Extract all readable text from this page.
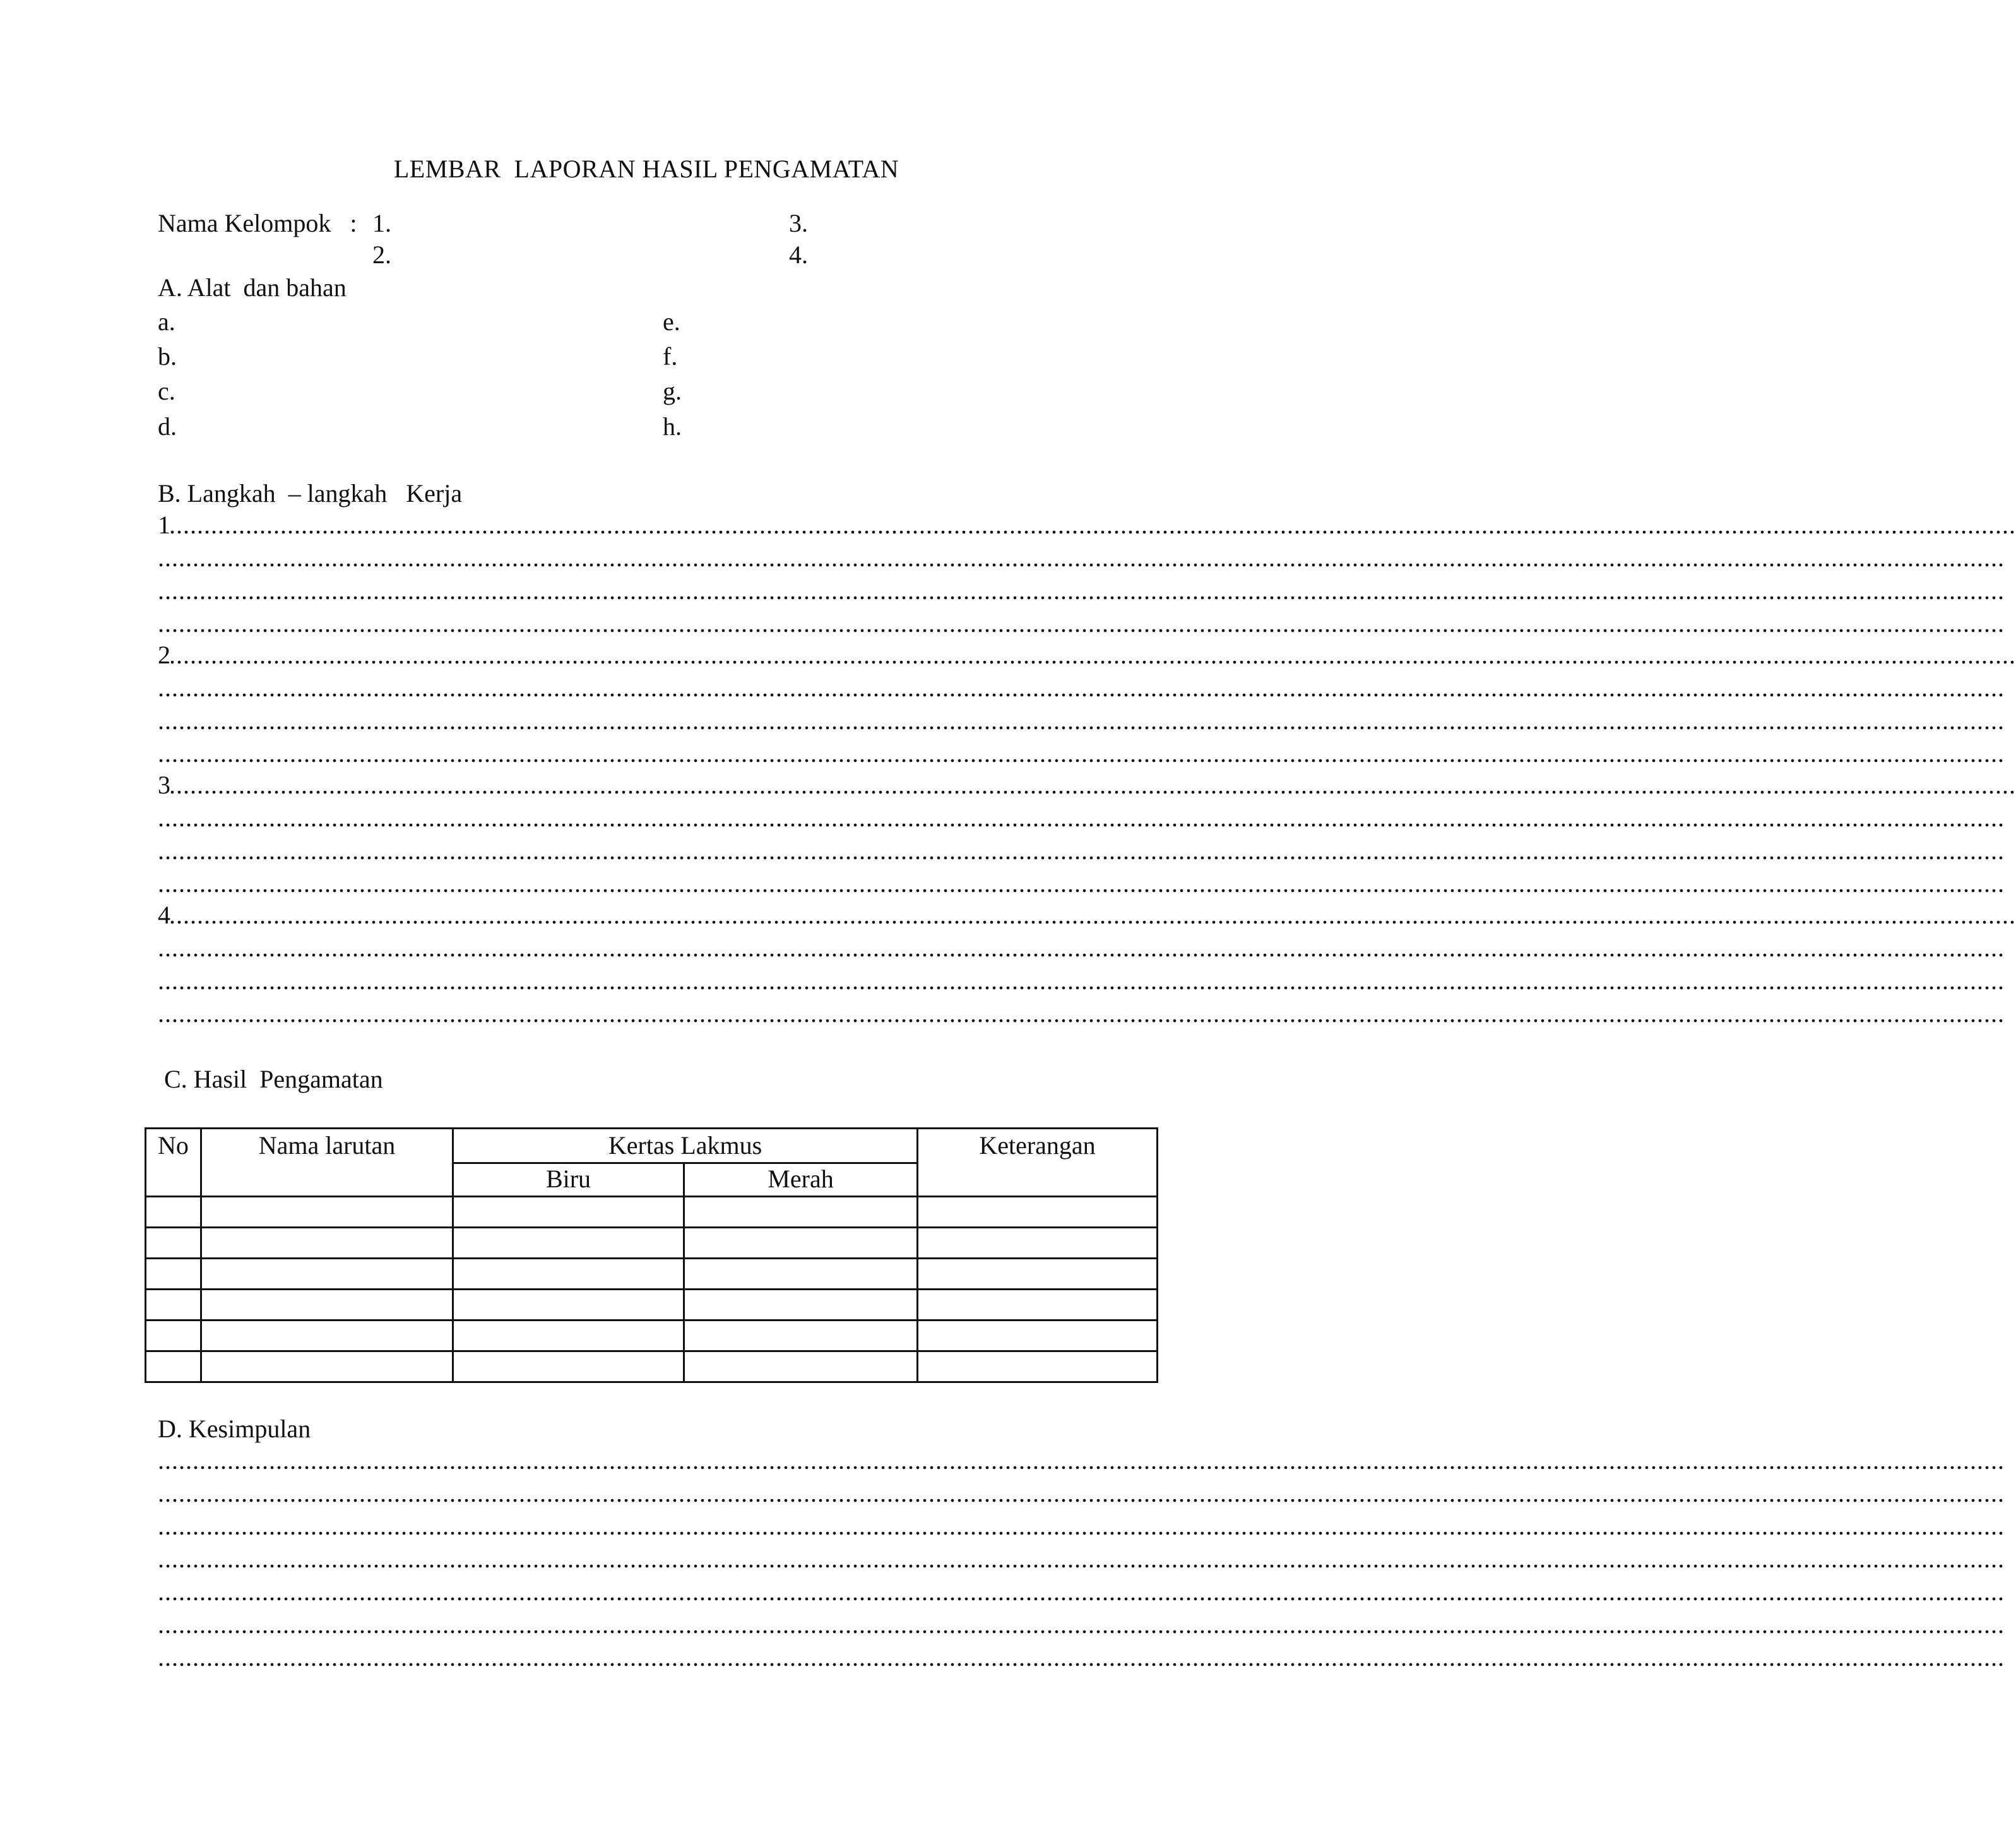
LEMBAR  LAPORAN HASIL PENGAMATAN
Nama Kelompok   : 1.
2.
3.
4.
A. Alat  dan bahan
a.
b.
c.
d.
e.
f.
g.
h.
B. Langkah  – langkah   Kerja
1
..........................................................................................................................................................................................................................................................................
..........................................................................................................................................................................................................................................................................
..........................................................................................................................................................................................................................................................................
..........................................................................................................................................................................................................................................................................
2
..........................................................................................................................................................................................................................................................................
..........................................................................................................................................................................................................................................................................
..........................................................................................................................................................................................................................................................................
..........................................................................................................................................................................................................................................................................
3
..........................................................................................................................................................................................................................................................................
..........................................................................................................................................................................................................................................................................
..........................................................................................................................................................................................................................................................................
..........................................................................................................................................................................................................................................................................
4
..........................................................................................................................................................................................................................................................................
..........................................................................................................................................................................................................................................................................
..........................................................................................................................................................................................................................................................................
..........................................................................................................................................................................................................................................................................
C. Hasil  Pengamatan
No	Nama larutan	Kertas Lakmus		Keterangan
		Biru	Merah	

D. Kesimpulan
..........................................................................................................................................................................................................................................................................
..........................................................................................................................................................................................................................................................................
..........................................................................................................................................................................................................................................................................
..........................................................................................................................................................................................................................................................................
..........................................................................................................................................................................................................................................................................
..........................................................................................................................................................................................................................................................................
..........................................................................................................................................................................................................................................................................
